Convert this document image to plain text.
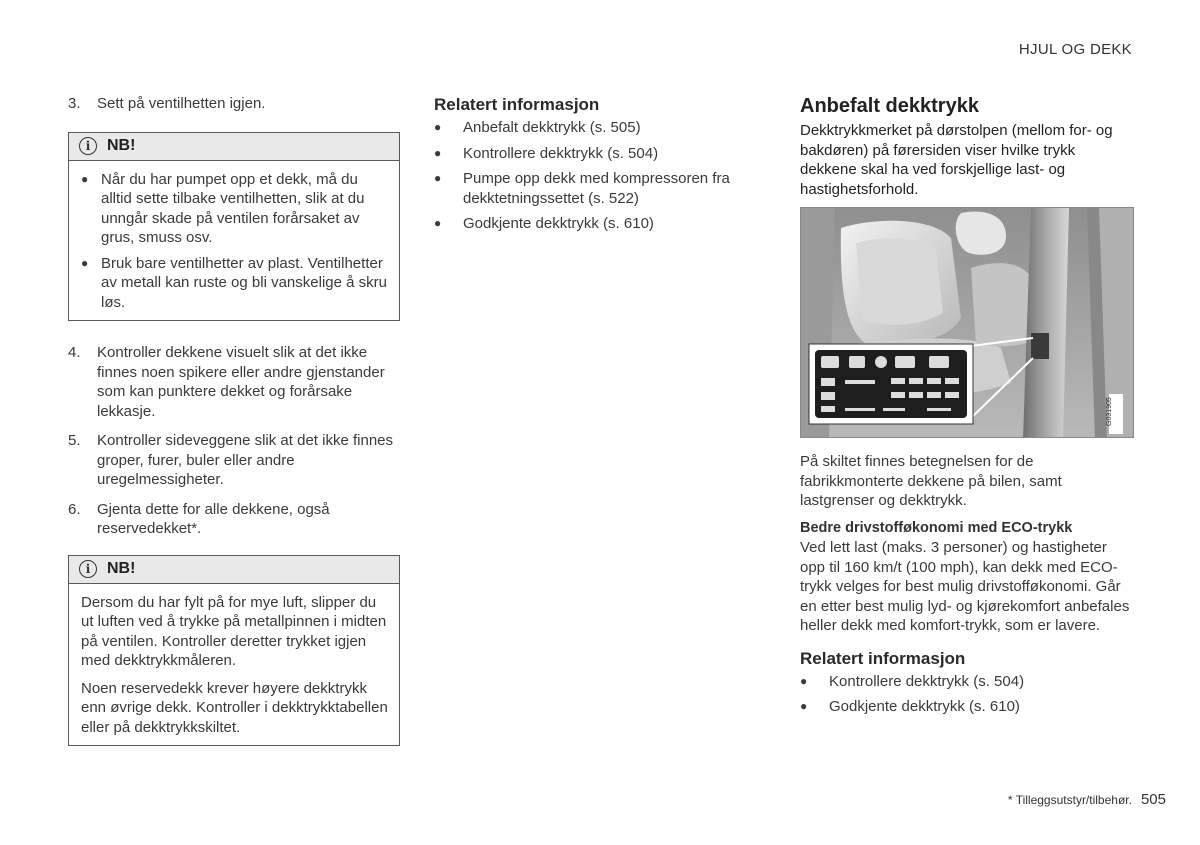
HJUL OG DEKK
3.	Sett på ventilhetten igjen.
i	NB!
● Når du har pumpet opp et dekk, må du alltid sette tilbake ventilhetten, slik at du unngår skade på ventilen forårsaket av grus, smuss osv.
● Bruk bare ventilhetter av plast. Ventilhetter av metall kan ruste og bli vanskelige å skru løs.
4.	Kontroller dekkene visuelt slik at det ikke finnes noen spikere eller andre gjenstander som kan punktere dekket og forårsake lekkasje.
5.	Kontroller sideveggene slik at det ikke finnes groper, furer, buler eller andre uregelmessigheter.
6.	Gjenta dette for alle dekkene, også reservedekket*.
i	NB!

Dersom du har fylt på for mye luft, slipper du ut luften ved å trykke på metallpinnen i midten på ventilen. Kontroller deretter trykket igjen med dekktrykkmåleren.

Noen reservedekk krever høyere dekktrykk enn øvrige dekk. Kontroller i dekktrykktabellen eller på dekktrykkskiltet.

Relatert informasjon
●	Anbefalt dekktrykk (s. 505)
●	Kontrollere dekktrykk (s. 504)
●	Pumpe opp dekk med kompressoren fra dekktetningssettet (s. 522)
●	Godkjente dekktrykk (s. 610)
Anbefalt dekktrykk

Dekktrykkmerket på dørstolpen (mellom for- og bakdøren) på førersiden viser hvilke trykk dekkene skal ha ved forskjellige last- og hastighetsforhold.

G031905

På skiltet finnes betegnelsen for de fabrikkmonterte dekkene på bilen, samt lastgrenser og dekktrykk.

Bedre drivstofføkonomi med ECO-trykk

Ved lett last (maks. 3 personer) og hastigheter opp til 160 km/t (100 mph), kan dekk med ECO-trykk velges for best mulig drivstofføkonomi. Går en etter best mulig lyd- og kjørekomfort anbefales heller dekk med komfort-trykk, som er lavere.

Relatert informasjon
●	Kontrollere dekktrykk (s. 504)
●	Godkjente dekktrykk (s. 610)
* Tilleggsutstyr/tilbehør. 505
